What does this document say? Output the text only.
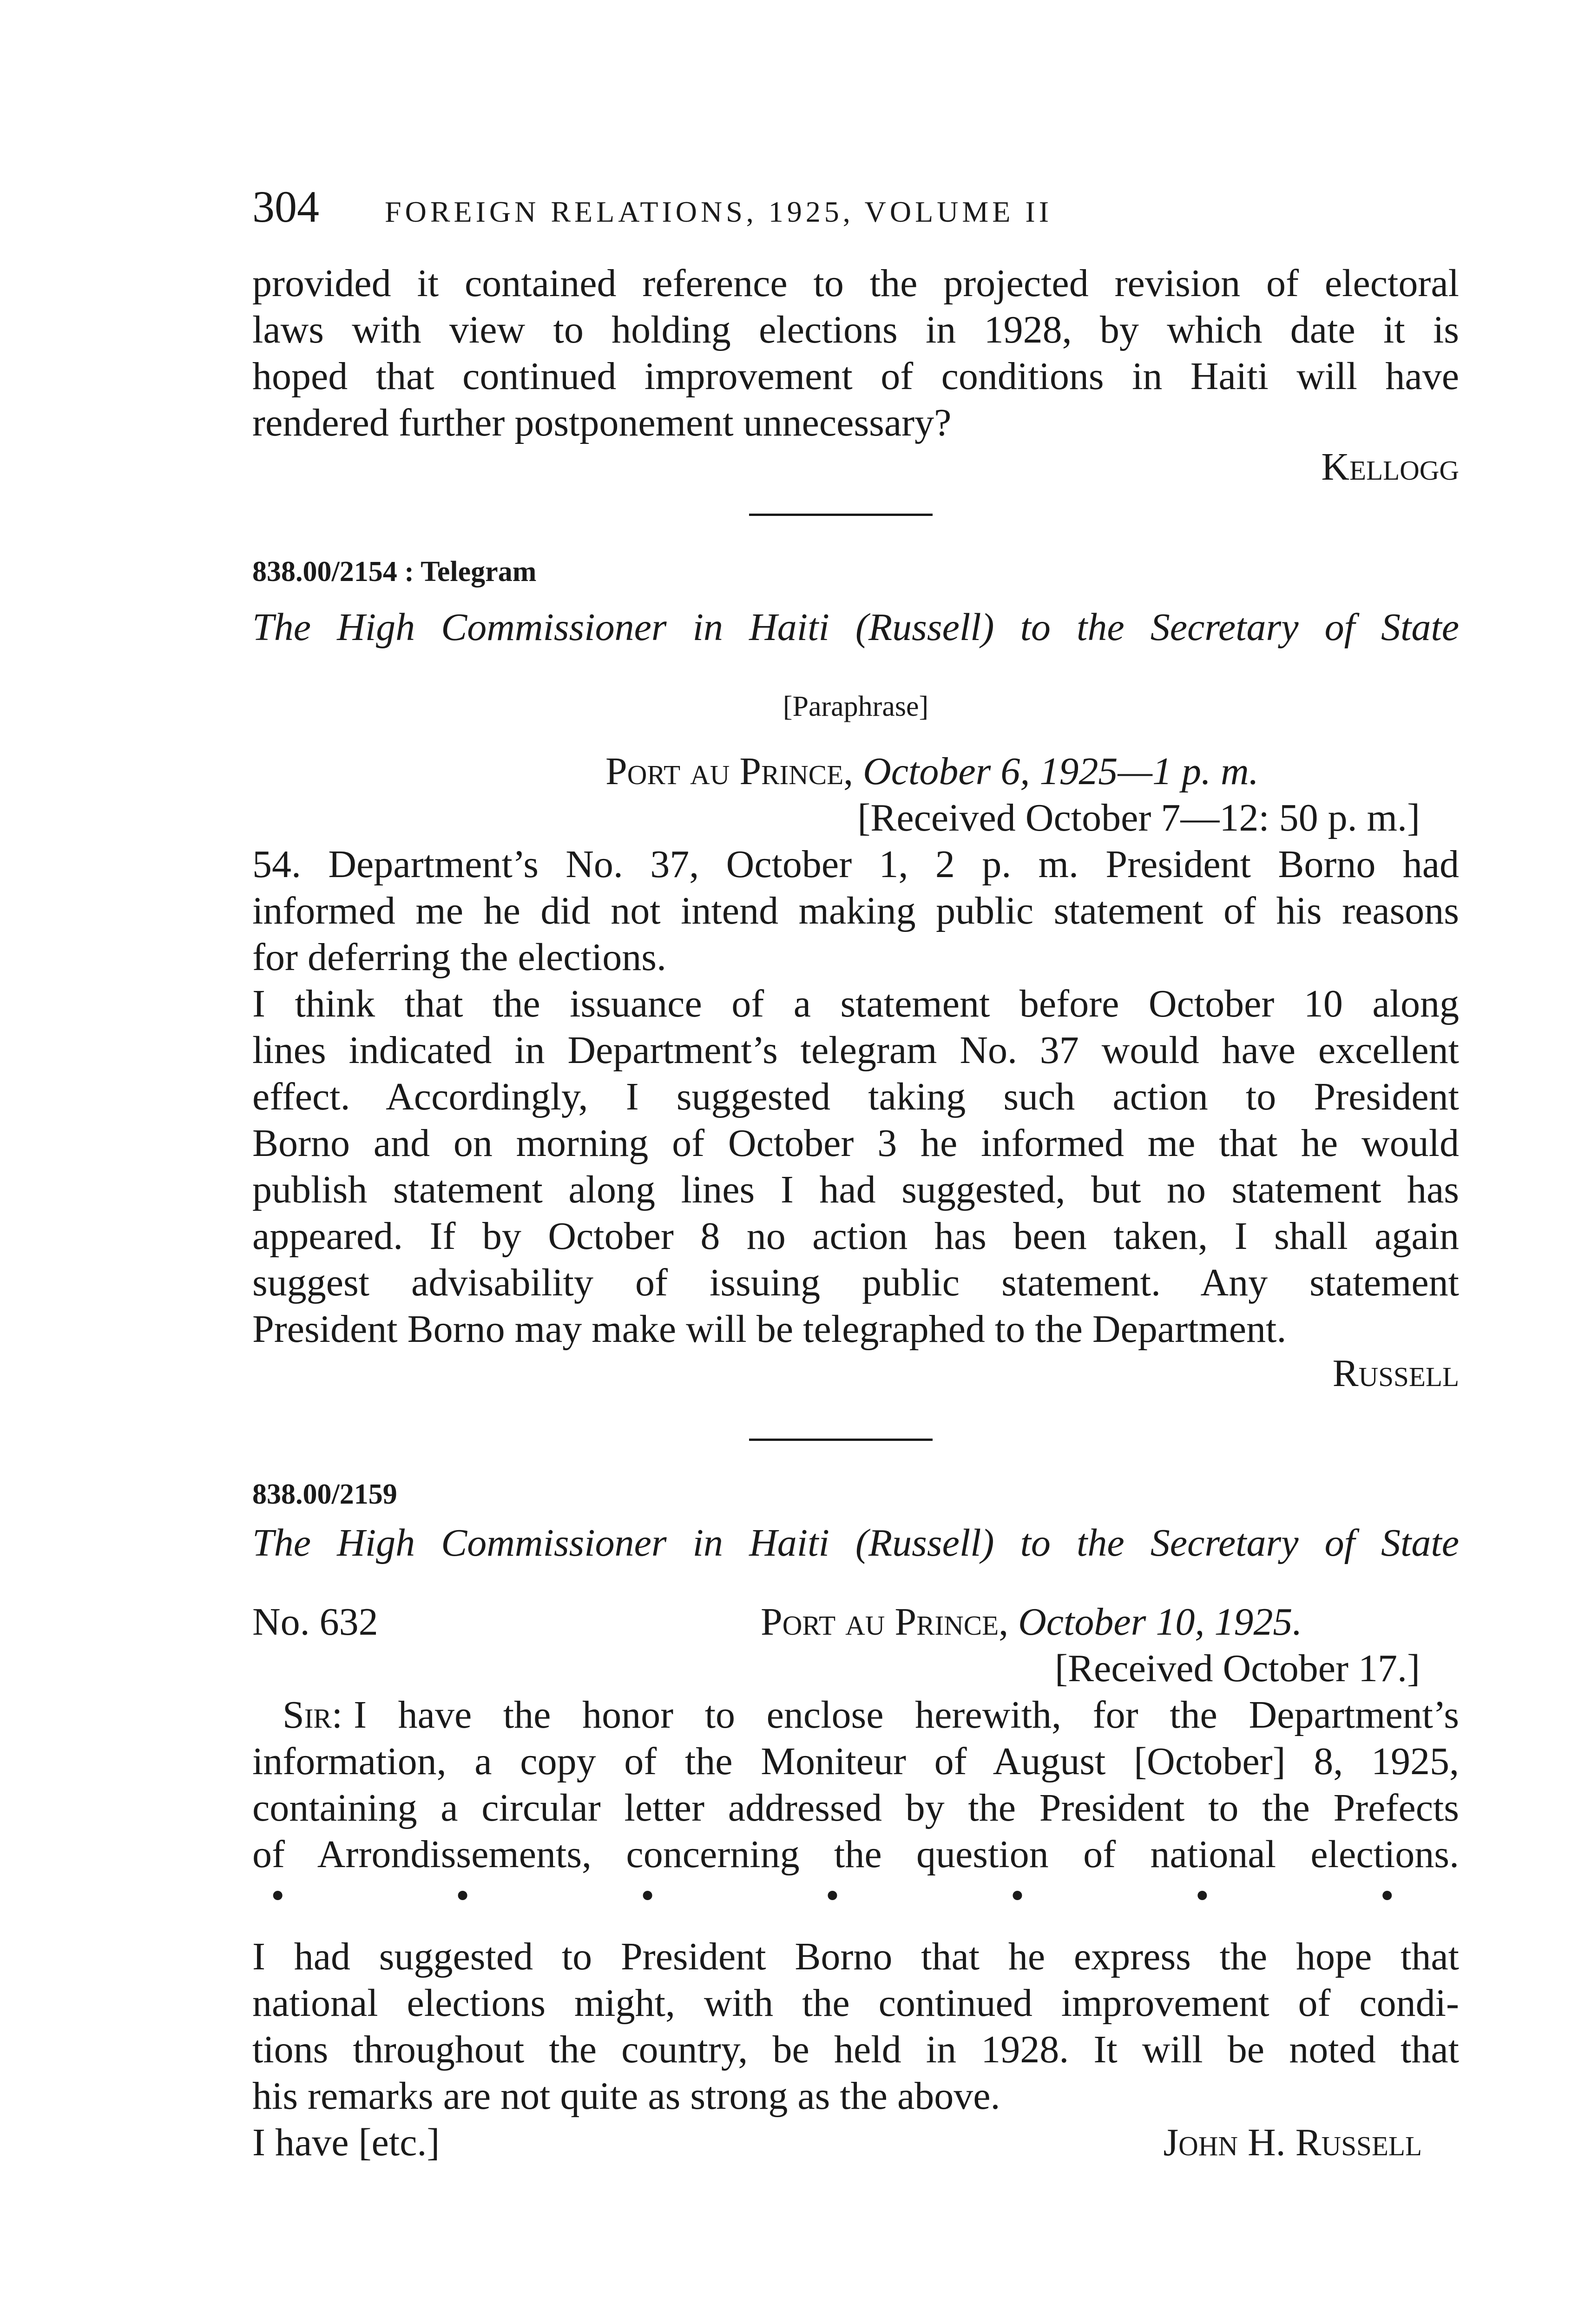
304 FOREIGN RELATIONS, 1925, VOLUME II
provided it contained reference to the projected revision of electoral
laws with view to holding elections in 1928, by which date it is
hoped that continued improvement of conditions in Haiti will have
rendered further postponement unnecessary?
Kellogg
838.00/2154 : Telegram
The High Commissioner in Haiti (Russell) to the Secretary of State
[Paraphrase]
Port au Prince, October 6, 1925—1 p. m.
[Received October 7—12: 50 p. m.]
54. Department’s No. 37, October 1, 2 p. m. President Borno had
informed me he did not intend making public statement of his reasons
for deferring the elections.
I think that the issuance of a statement before October 10 along
lines indicated in Department’s telegram No. 37 would have excellent
effect. Accordingly, I suggested taking such action to President
Borno and on morning of October 3 he informed me that he would
publish statement along lines I had suggested, but no statement has
appeared. If by October 8 no action has been taken, I shall again
suggest advisability of issuing public statement. Any statement
President Borno may make will be telegraphed to the Department.
Russell
838.00/2159
The High Commissioner in Haiti (Russell) to the Secretary of State
No. 632	Port au Prince, October 10, 1925.
[Received October 17.]
Sir: I have the honor to enclose herewith, for the Department’s
information, a copy of the Moniteur of August [October] 8, 1925,
containing a circular letter addressed by the President to the Prefects
of Arrondissements, concerning the question of national elections.
•	•	•	•	•	•	•
I had suggested to President Borno that he express the hope that
national elections might, with the continued improvement of condi-
tions throughout the country, be held in 1928. It will be noted that
his remarks are not quite as strong as the above.
I have [etc.]	John H. Russell
